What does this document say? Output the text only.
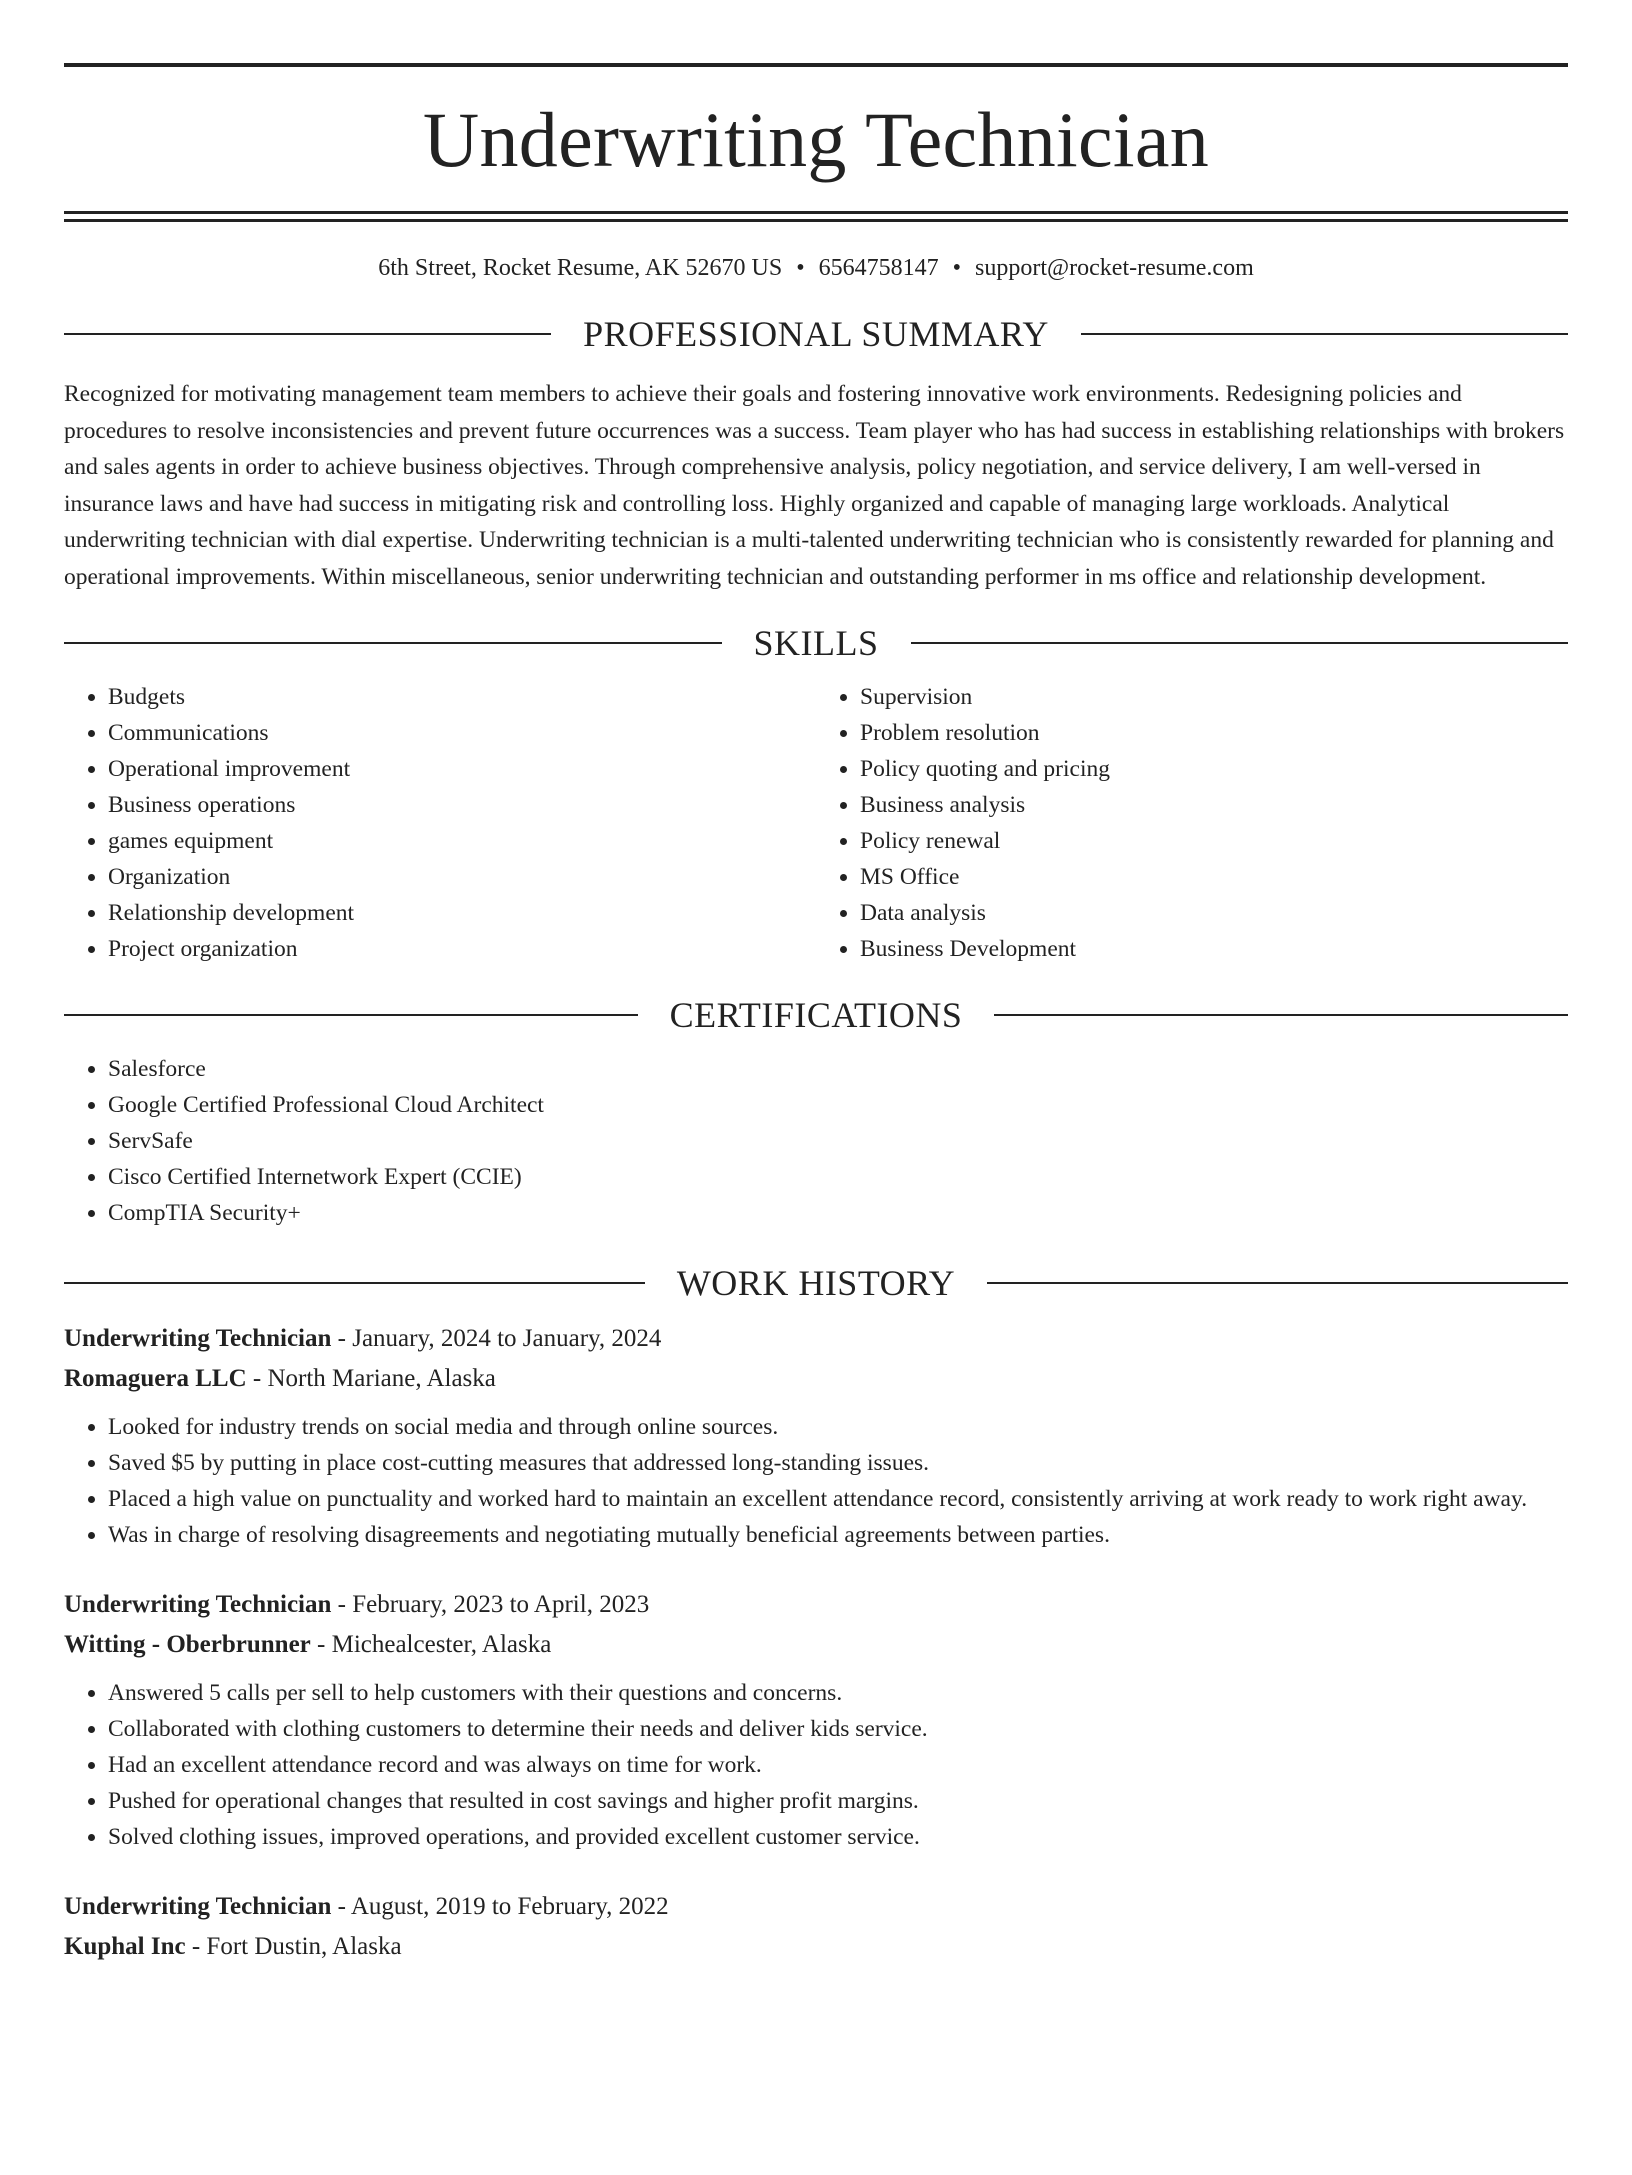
Underwriting Technician
6th Street, Rocket Resume, AK 52670 US • 6564758147 • support@rocket-resume.com
PROFESSIONAL SUMMARY
Recognized for motivating management team members to achieve their goals and fostering innovative work environments. Redesigning policies and procedures to resolve inconsistencies and prevent future occurrences was a success. Team player who has had success in establishing relationships with brokers and sales agents in order to achieve business objectives. Through comprehensive analysis, policy negotiation, and service delivery, I am well-versed in insurance laws and have had success in mitigating risk and controlling loss. Highly organized and capable of managing large workloads. Analytical underwriting technician with dial expertise. Underwriting technician is a multi-talented underwriting technician who is consistently rewarded for planning and operational improvements. Within miscellaneous, senior underwriting technician and outstanding performer in ms office and relationship development.
SKILLS
• Budgets
• Communications
• Operational improvement
• Business operations
• games equipment
• Organization
• Relationship development
• Project organization
• Supervision
• Problem resolution
• Policy quoting and pricing
• Business analysis
• Policy renewal
• MS Office
• Data analysis
• Business Development
CERTIFICATIONS
• Salesforce
• Google Certified Professional Cloud Architect
• ServSafe
• Cisco Certified Internetwork Expert (CCIE)
• CompTIA Security+
WORK HISTORY
Underwriting Technician - January, 2024 to January, 2024
Romaguera LLC - North Mariane, Alaska
• Looked for industry trends on social media and through online sources.
• Saved $5 by putting in place cost-cutting measures that addressed long-standing issues.
• Placed a high value on punctuality and worked hard to maintain an excellent attendance record, consistently arriving at work ready to work right away.
• Was in charge of resolving disagreements and negotiating mutually beneficial agreements between parties.
Underwriting Technician - February, 2023 to April, 2023
Witting - Oberbrunner - Michealcester, Alaska
• Answered 5 calls per sell to help customers with their questions and concerns.
• Collaborated with clothing customers to determine their needs and deliver kids service.
• Had an excellent attendance record and was always on time for work.
• Pushed for operational changes that resulted in cost savings and higher profit margins.
• Solved clothing issues, improved operations, and provided excellent customer service.
Underwriting Technician - August, 2019 to February, 2022
Kuphal Inc - Fort Dustin, Alaska
